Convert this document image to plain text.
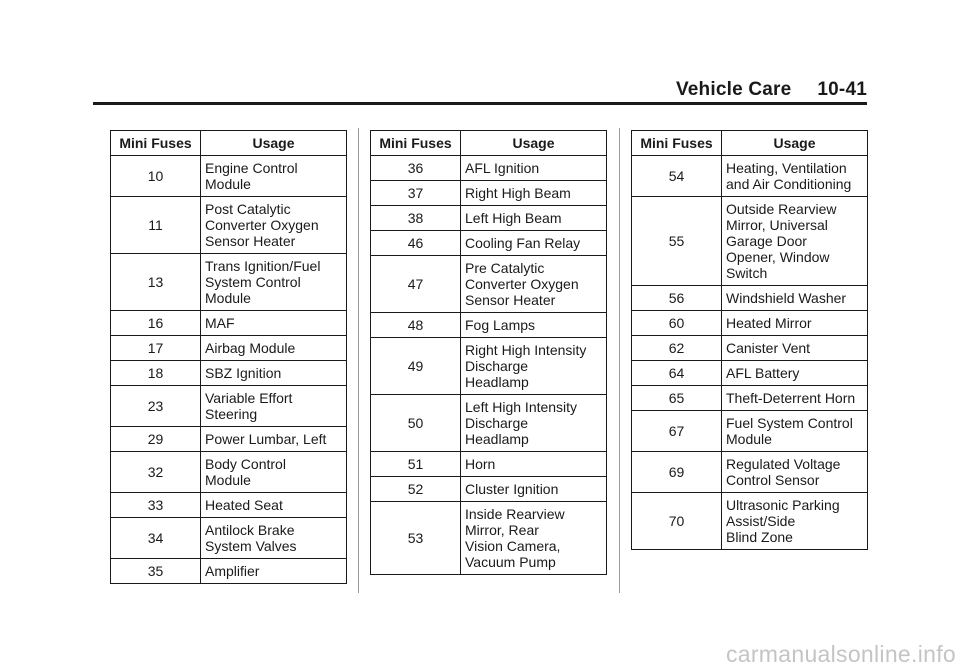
Vehicle Care 10-41
Mini Fuses	Usage
10	Engine Control
Module

11	Post Catalytic
Converter Oxygen
Sensor Heater

13	Trans Ignition/Fuel
System Control
Module

16	MAF

17	Airbag Module

18	SBZ Ignition

23	Variable Effort
Steering

29	Power Lumbar, Left

32	Body Control
Module

33	Heated Seat

34	Antilock Brake
System Valves

35	Amplifier
Mini Fuses	Usage
36	AFL Ignition

37	Right High Beam

38	Left High Beam

46	Cooling Fan Relay

47	Pre Catalytic
Converter Oxygen
Sensor Heater

48	Fog Lamps

49	Right High Intensity
Discharge
Headlamp

50	Left High Intensity
Discharge
Headlamp

51	Horn

52	Cluster Ignition

53	Inside Rearview
Mirror, Rear
Vision Camera,
Vacuum Pump
Mini Fuses	Usage
54	Heating, Ventilation
and Air Conditioning

55	Outside Rearview
Mirror, Universal
Garage Door
Opener, Window
Switch

56	Windshield Washer

60	Heated Mirror

62	Canister Vent

64	AFL Battery

65	Theft-Deterrent Horn

67	Fuel System Control
Module

69	Regulated Voltage
Control Sensor

70	Ultrasonic Parking
Assist/Side
Blind Zone
carmanualsonline.info
